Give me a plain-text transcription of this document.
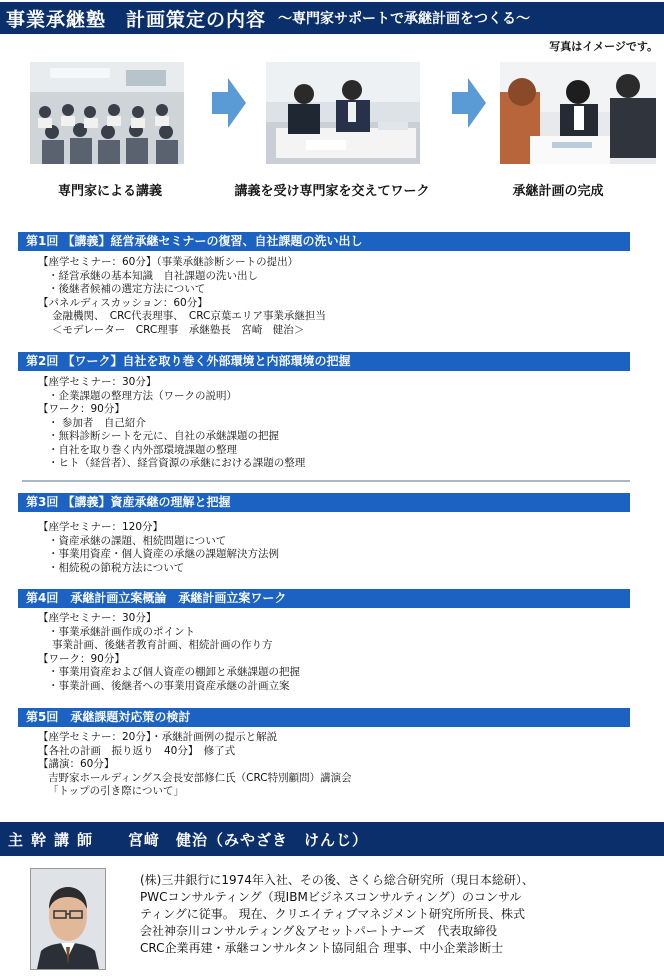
事業承継塾　計画策定の内容 ～専門家サポートで承継計画をつくる～
写真はイメージです。
専門家による講義	講義を受け専門家を交えてワーク	承継計画の完成
第1回 【講義】経営承継セミナーの復習、自社課題の洗い出し
【座学セミナー：60分】（事業承継診断シートの提出）
・経営承継の基本知識　自社課題の洗い出し
・後継者候補の選定方法について
【パネルディスカッション：60分】
金融機関、　CRC代表理事、　CRC京葉エリア事業承継担当
＜モデレーター　CRC理事　承継塾長　宮崎　健治＞
第2回 【ワーク】自社を取り巻く外部環境と内部環境の把握
【座学セミナー：30分】
・企業課題の整理方法（ワークの説明）
【ワーク：90分】
・ 参加者　自己紹介
・無料診断シートを元に、自社の承継課題の把握
・自社を取り巻く内外部環境課題の整理
・ヒト（経営者）、経営資源の承継における課題の整理
第3回 【講義】資産承継の理解と把握
【座学セミナー：120分】
・資産承継の課題、相続問題について
・事業用資産・個人資産の承継の課題解決方法例
・相続税の節税方法について
第4回　承継計画立案概論　承継計画立案ワーク
【座学セミナー：30分】
・事業承継計画作成のポイント
事業計画、後継者教育計画、相続計画の作り方
【ワーク：90分】
・事業用資産および個人資産の棚卸と承継課題の把握
・事業計画、後継者への事業用資産承継の計画立案
第5回　承継課題対応策の検討
【座学セミナー：20分】・承継計画例の提示と解説
【各社の計画　振り返り　40分】　修了式
【講演：60分】
吉野家ホールディングス会長安部修仁氏（CRC特別顧問）講演会
「トップの引き際について」
主幹講師 宮﨑　健治（みやざき　けんじ）
(株)三井銀行に1974年入社、その後、さくら総合研究所（現日本総研）、
PWCコンサルティング（現IBMビジネスコンサルティング）のコンサル
ティングに従事。 現在、クリエイティブマネジメント研究所所長、株式
会社神奈川コンサルティング＆アセットパートナーズ　代表取締役
CRC企業再建・承継コンサルタント協同組合 理事、中小企業診断士
